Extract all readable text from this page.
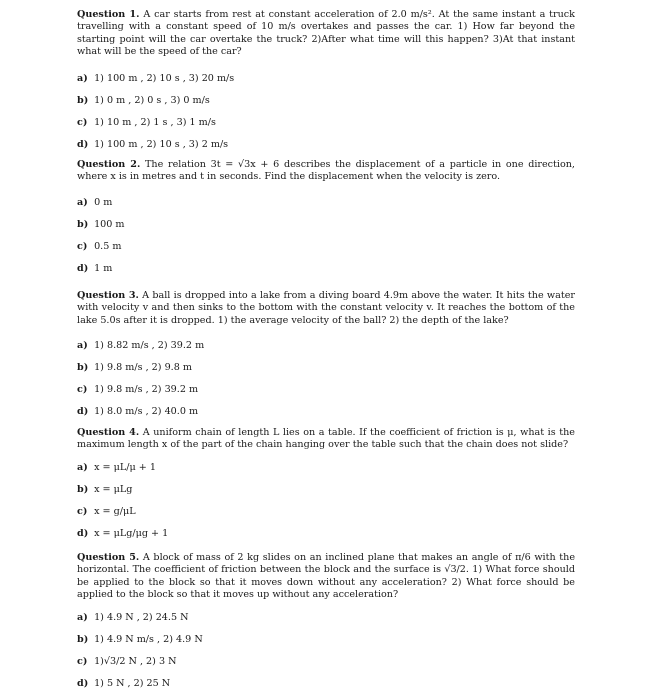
Question 1. A car starts from rest at constant acceleration of 2.0 m/s². At the same instant a truck travelling with a constant speed of 10 m/s overtakes and passes the car. 1) How far beyond the starting point will the car overtake the truck? 2)After what time will this happen? 3)At that instant what will be the speed of the car?

a) 1) 100 m , 2) 10 s , 3) 20 m/s
b) 1) 0 m , 2) 0 s , 3) 0 m/s
c) 1) 10 m , 2) 1 s , 3) 1 m/s
d) 1) 100 m , 2) 10 s , 3) 2 m/s

Question 2. The relation 3t = √3x + 6 describes the displacement of a particle in one direction, where x is in metres and t in seconds. Find the displacement when the velocity is zero.

a) 0 m
b) 100 m
c) 0.5 m
d) 1 m

Question 3. A ball is dropped into a lake from a diving board 4.9m above the water. It hits the water with velocity v and then sinks to the bottom with the constant velocity v. It reaches the bottom of the lake 5.0s after it is dropped. 1) the average velocity of the ball? 2) the depth of the lake?

a) 1) 8.82 m/s , 2) 39.2 m
b) 1) 9.8 m/s , 2) 9.8 m
c) 1) 9.8 m/s , 2) 39.2 m
d) 1) 8.0 m/s , 2) 40.0 m

Question 4. A uniform chain of length L lies on a table. If the coefficient of friction is μ, what is the maximum length x of the part of the chain hanging over the table such that the chain does not slide?

a) x = μL/μ + 1
b) x = μLg
c) x = g/μL
d) x = μLg/μg + 1

Question 5. A block of mass of 2 kg slides on an inclined plane that makes an angle of π/6 with the horizontal. The coefficient of friction between the block and the surface is √3/2. 1) What force should be applied to the block so that it moves down without any acceleration? 2) What force should be applied to the block so that it moves up without any acceleration?

a) 1) 4.9 N , 2) 24.5 N
b) 1) 4.9 N m/s , 2) 4.9 N
c) 1)√3/2 N , 2) 3 N
d) 1) 5 N , 2) 25 N
